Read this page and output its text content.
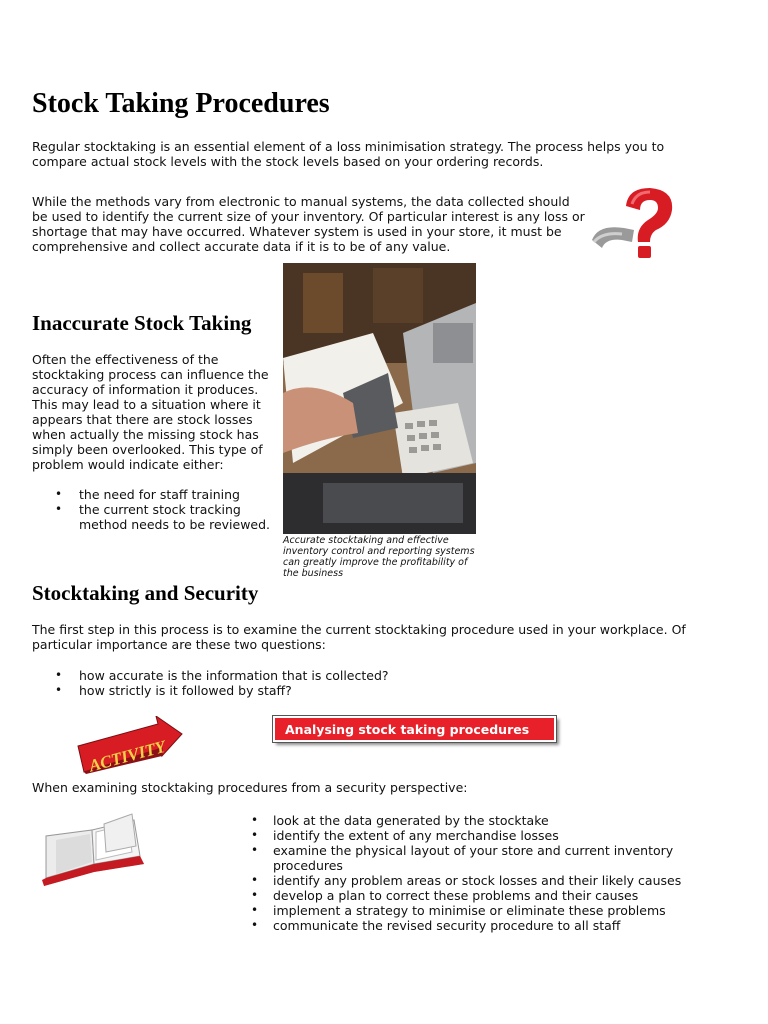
Stock Taking Procedures

Regular stocktaking is an essential element of a loss minimisation strategy. The process helps you to compare actual stock levels with the stock levels based on your ordering records.

While the methods vary from electronic to manual systems, the data collected should be used to identify the current size of your inventory. Of particular interest is any loss or shortage that may have occurred. Whatever system is used in your store, it must be comprehensive and collect accurate data if it is to be of any value.

Inaccurate Stock Taking

Often the effectiveness of the stocktaking process can influence the accuracy of information it produces. This may lead to a situation where it appears that there are stock losses when actually the missing stock has simply been overlooked. This type of problem would indicate either:

• the need for staff training
• the current stock tracking method needs to be reviewed.
Accurate stocktaking and effective inventory control and reporting systems can greatly improve the profitability of the business
Stocktaking and Security

The first step in this process is to examine the current stocktaking procedure used in your workplace. Of particular importance are these two questions:

• how accurate is the information that is collected?
• how strictly is it followed by staff?
ACTIVITY
Analysing stock taking procedures

When examining stocktaking procedures from a security perspective:

• look at the data generated by the stocktake
• identify the extent of any merchandise losses
• examine the physical layout of your store and current inventory procedures
• identify any problem areas or stock losses and their likely causes
• develop a plan to correct these problems and their causes
• implement a strategy to minimise or eliminate these problems
• communicate the revised security procedure to all staff
